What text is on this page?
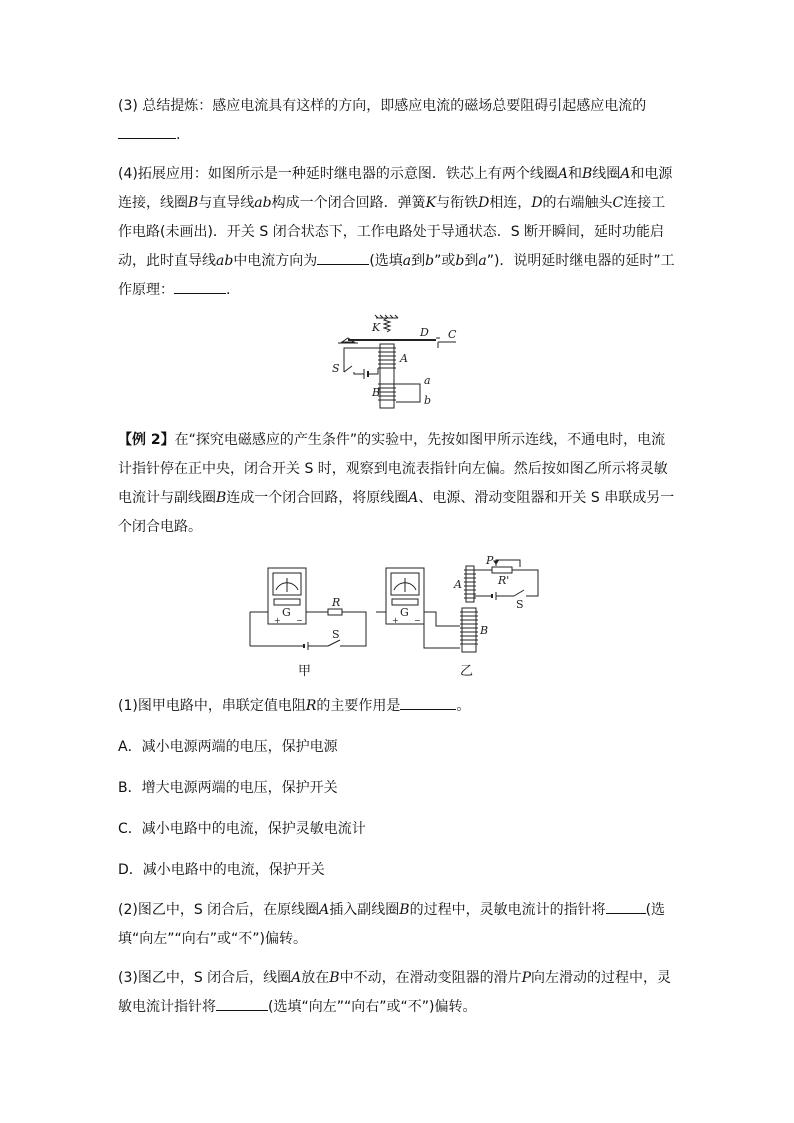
(3) 总结提炼：感应电流具有这样的方向，即感应电流的磁场总要阻碍引起感应电流的
.

(4)拓展应用：如图所示是一种延时继电器的示意图．铁芯上有两个线圈A和B线圈A和电源连接，线圈B与直导线ab构成一个闭合回路．弹簧K与衔铁D相连，D的右端触头C连接工作电路(未画出)．开关 S 闭合状态下，工作电路处于导通状态．S 断开瞬间，延时功能启动，此时直导线ab中电流方向为	(选填a到b”或b到a”)．说明延时继电器的延时”工作原理：	.

K	D C
A
S
B
a
b

【例 2】在“探究电磁感应的产生条件”的实验中，先按如图甲所示连线，不通电时，电流计指针停在正中央，闭合开关 S 时，观察到电流表指针向左偏。然后按如图乙所示将灵敏电流计与副线圈B连成一个闭合回路，将原线圈A、电源、滑动变阻器和开关 S 串联成另一个闭合电路。

G
+ −
R
S
甲
G
+ −
A
B
P
R'
S
乙

(1)图甲电路中，串联定值电阻R的主要作用是	。

A．减小电源两端的电压，保护电源
B．增大电源两端的电压，保护开关
C．减小电路中的电流，保护灵敏电流计
D．减小电路中的电流，保护开关

(2)图乙中，S 闭合后，在原线圈A插入副线圈B的过程中，灵敏电流计的指针将	(选填“向左”“向右”或“不”)偏转。

(3)图乙中，S 闭合后，线圈A放在B中不动，在滑动变阻器的滑片P向左滑动的过程中，灵敏电流计指针将	(选填“向左”“向右”或“不”)偏转。
